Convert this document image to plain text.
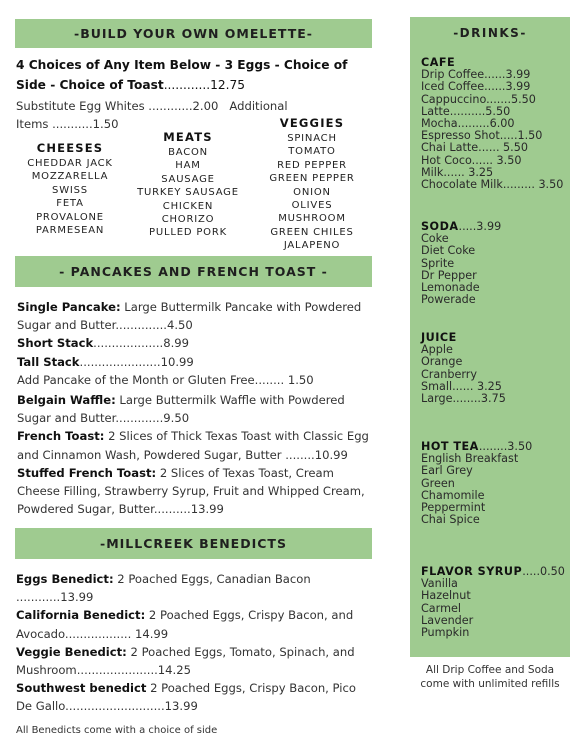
-BUILD YOUR OWN OMELETTE-
4 Choices of Any Item Below - 3 Eggs - Choice of
Side - Choice of Toast............12.75
Substitute Egg Whites ............2.00   Additional
Items ...........1.50
CHEESES
CHEDDAR JACK
MOZZARELLA
SWISS
FETA
PROVALONE
PARMESEAN
MEATS
BACON
HAM
SAUSAGE
TURKEY SAUSAGE
CHICKEN
CHORIZO
PULLED PORK
VEGGIES
SPINACH
TOMATO
RED PEPPER
GREEN PEPPER
ONION
OLIVES
MUSHROOM
GREEN CHILES
JALAPENO
- PANCAKES AND FRENCH TOAST -
Single Pancake: Large Buttermilk Pancake with Powdered
Sugar and Butter..............4.50
Short Stack...................8.99
Tall Stack......................10.99
Add Pancake of the Month or Gluten Free........ 1.50
Belgain Waffle: Large Buttermilk Waffle with Powdered
Sugar and Butter.............9.50
French Toast: 2 Slices of Thick Texas Toast with Classic Egg
and Cinnamon Wash, Powdered Sugar, Butter ........10.99
Stuffed French Toast: 2 Slices of Texas Toast, Cream
Cheese Filling, Strawberry Syrup, Fruit and Whipped Cream,
Powdered Sugar, Butter..........13.99
-MILLCREEK BENEDICTS
Eggs Benedict: 2 Poached Eggs, Canadian Bacon
............13.99
California Benedict: 2 Poached Eggs, Crispy Bacon, and
Avocado.................. 14.99
Veggie Benedict: 2 Poached Eggs, Tomato, Spinach, and
Mushroom......................14.25
Southwest benedict 2 Poached Eggs, Crispy Bacon, Pico
De Gallo...........................13.99
All Benedicts come with a choice of side
-DRINKS-
CAFE
Drip Coffee......3.99
Iced Coffee......3.99
Cappuccino.......5.50
Latte..........5.50
Mocha.........6.00
Espresso Shot.....1.50
Chai Latte...... 5.50
Hot Coco...... 3.50
Milk...... 3.25
Chocolate Milk......... 3.50
SODA.....3.99
Coke
Diet Coke
Sprite
Dr Pepper
Lemonade
Powerade
JUICE
Apple
Orange
Cranberry
Small...... 3.25
Large........3.75
HOT TEA........3.50
English Breakfast
Earl Grey
Green
Chamomile
Peppermint
Chai Spice
FLAVOR SYRUP.....0.50
Vanilla
Hazelnut
Carmel
Lavender
Pumpkin
All Drip Coffee and Soda
come with unlimited refills
